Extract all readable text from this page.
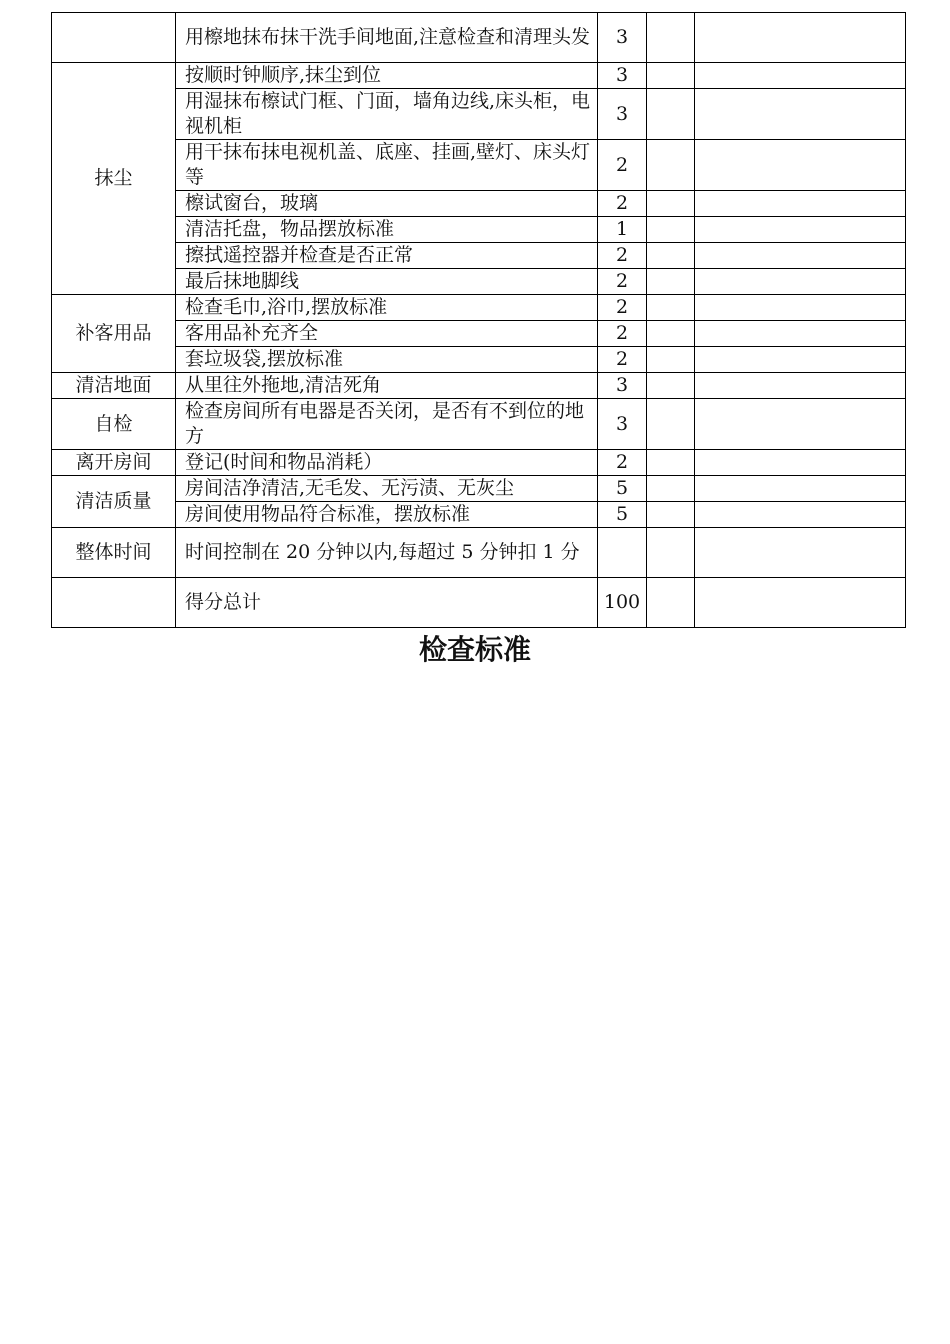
	用檫地抹布抹干洗手间地面,注意检查和清理头发	3		
抹尘	按顺时钟顺序,抹尘到位	3		
	用湿抹布檫试门框、门面，墙角边线,床头柜，电视机柜	3		
	用干抹布抹电视机盖、底座、挂画,壁灯、床头灯等	2		
	檫试窗台，玻璃	2		
	清洁托盘，物品摆放标准	1		
	擦拭遥控器并检查是否正常	2		
	最后抹地脚线	2		
补客用品	检查毛巾,浴巾,摆放标准	2		
	客用品补充齐全	2		
	套垃圾袋,摆放标准	2		
清洁地面	从里往外拖地,清洁死角	3		
自检	检查房间所有电器是否关闭，是否有不到位的地方	3		
离开房间	登记(时间和物品消耗）	2		
清洁质量	房间洁净清洁,无毛发、无污渍、无灰尘	5		
	房间使用物品符合标准，摆放标准	5		
整体时间	时间控制在 20 分钟以内,每超过 5 分钟扣 1 分			
	得分总计	100		
检查标准
